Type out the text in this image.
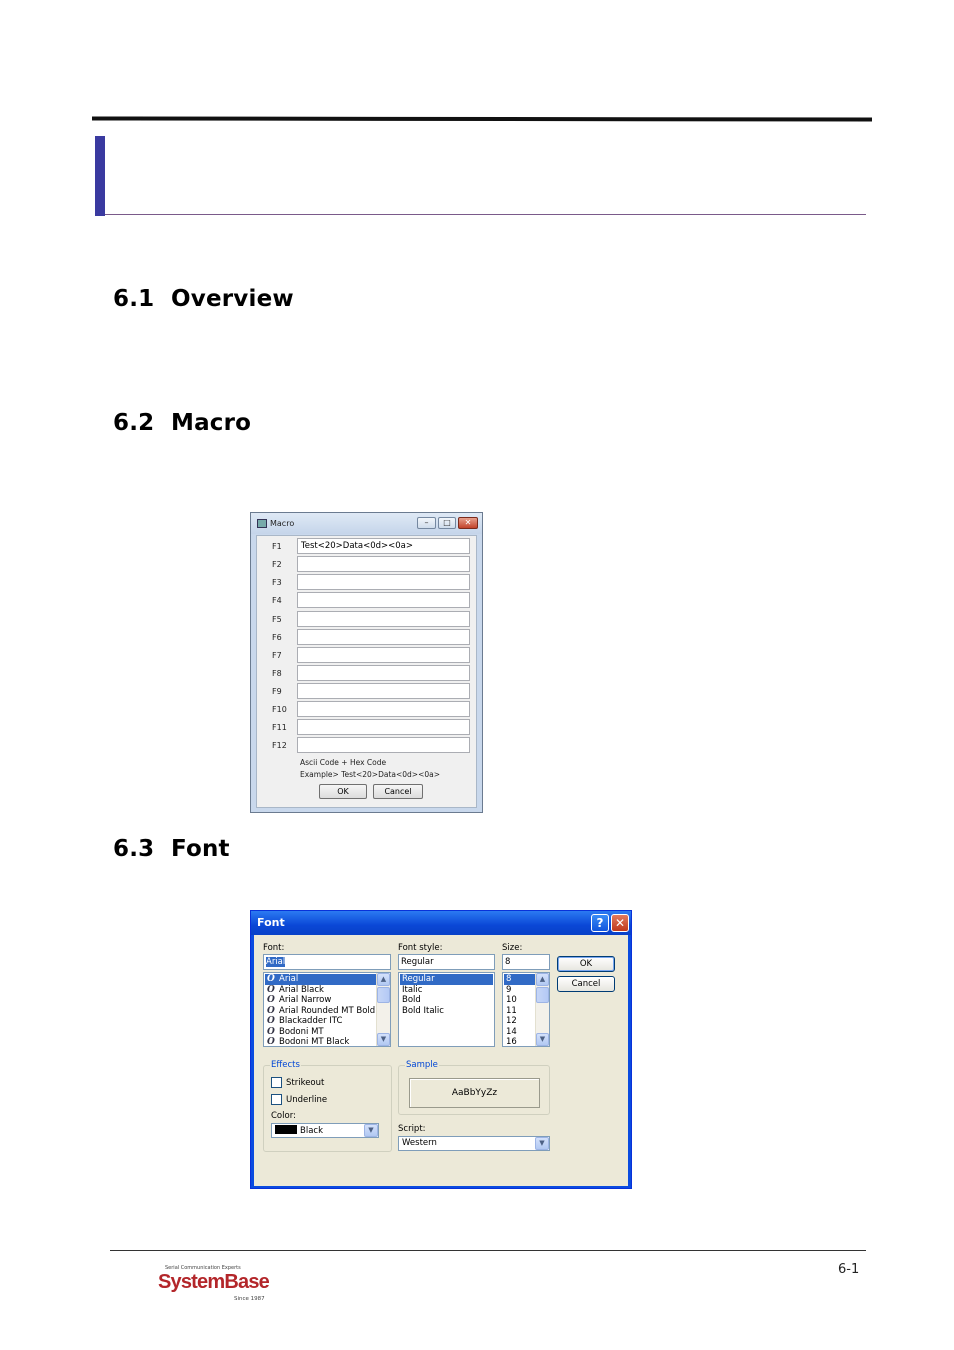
6.1 Overview
6.2 Macro
6.3 Font
Macro	–	□	✕
F1	Test<20>Data<0d><0a>
F2
F3
F4
F5
F6
F7
F8
F9
F10
F11
F12
Ascii Code + Hex Code
Example> Test<20>Data<0d><0a>
OK	Cancel
Font	? ✕
Font:
Arial
O Arial
O Arial Black
O Arial Narrow
O Arial Rounded MT Bold
O Blackadder ITC
O Bodoni MT
O Bodoni MT Black
▲
▼
Font style:
Regular
Regular
Italic
Bold
Bold Italic
Size:
8
8
9
10
11
12
14
16
▲
▼
OK
Cancel
Effects
Strikeout
Underline
Color:
Black	▼
Sample
AaBbYyZz
Script:
Western	▼
Serial Communication Experts
SystemBase
Since 1987
6-1
